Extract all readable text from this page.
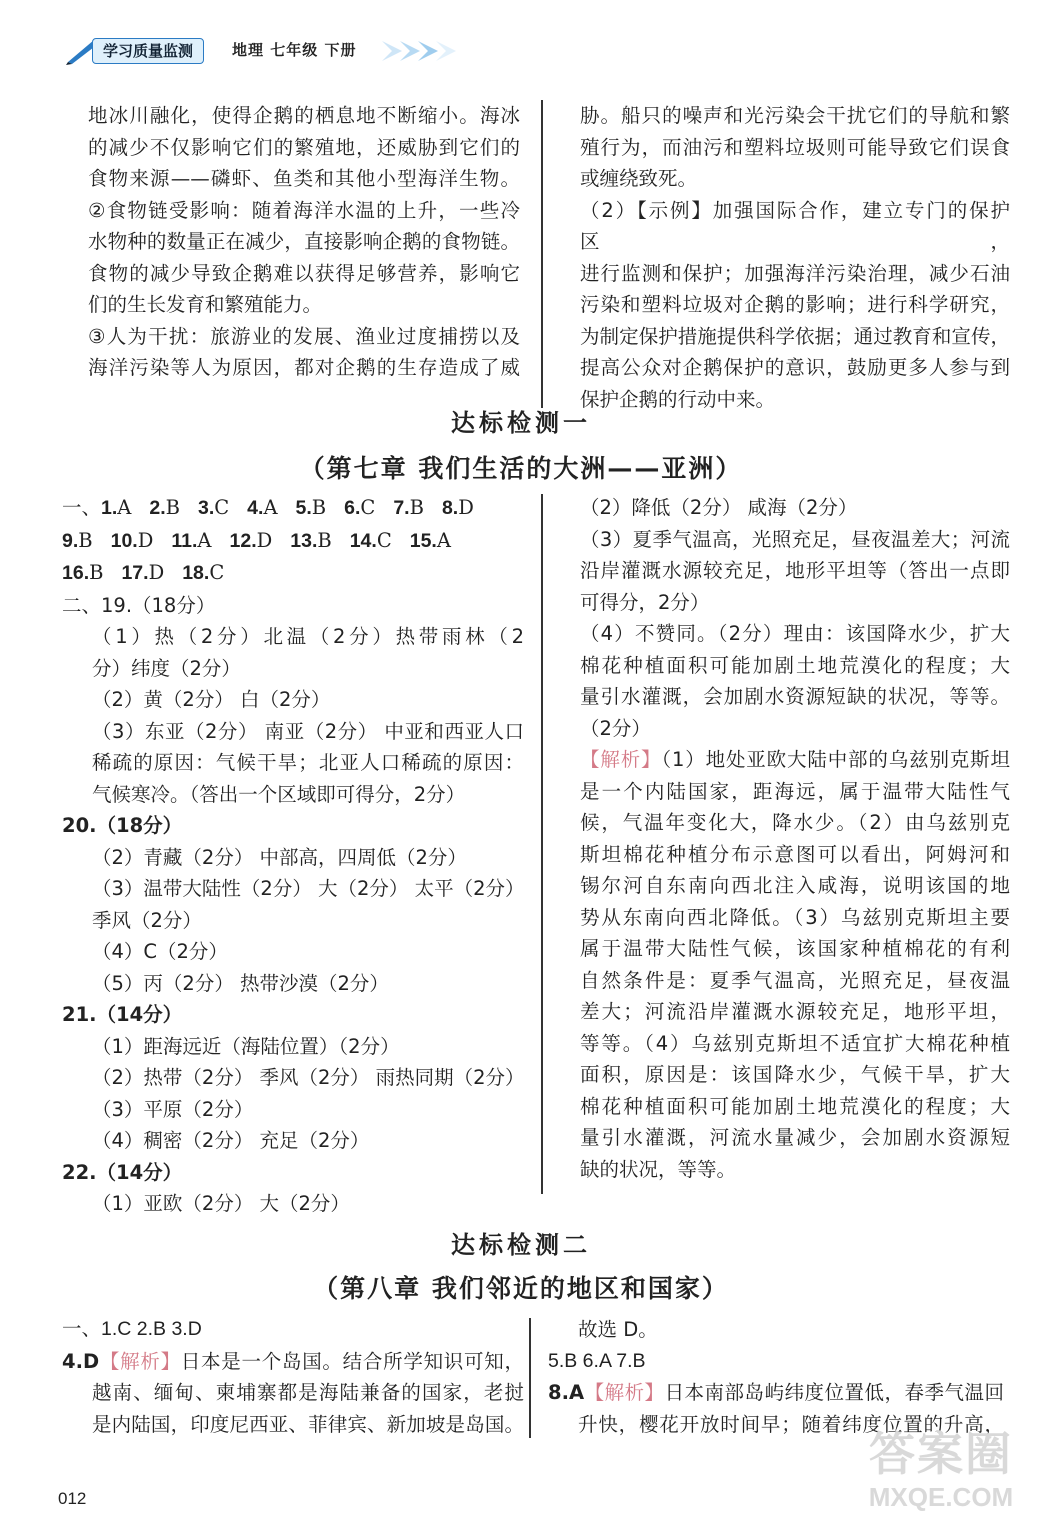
学习质量监测	地理 七年级 下册

地冰川融化，使得企鹅的栖息地不断缩小。海冰

的减少不仅影响它们的繁殖地，还威胁到它们的

食物来源——磷虾、鱼类和其他小型海洋生物。

②食物链受影响：随着海洋水温的上升，一些冷

水物种的数量正在减少，直接影响企鹅的食物链。

食物的减少导致企鹅难以获得足够营养，影响它

们的生长发育和繁殖能力。

③人为干扰：旅游业的发展、渔业过度捕捞以及

海洋污染等人为原因，都对企鹅的生存造成了威

胁。船只的噪声和光污染会干扰它们的导航和繁

殖行为，而油污和塑料垃圾则可能导致它们误食

或缠绕致死。

（2）【示例】加强国际合作，建立专门的保护区，

进行监测和保护；加强海洋污染治理，减少石油

污染和塑料垃圾对企鹅的影响；进行科学研究，

为制定保护措施提供科学依据；通过教育和宣传，

提高公众对企鹅保护的意识，鼓励更多人参与到

保护企鹅的行动中来。

达标检测一
（第七章 我们生活的大洲——亚洲）

一、1.A 2.B 3.C 4.A 5.B 6.C 7.B 8.D

9.B 10.D 11.A 12.D 13.B 14.C 15.A

16.B 17.D 18.C

二、19.（18分）

（1）热（2分）北温（2分）热带雨林（2

分）纬度（2分）

（2）黄（2分） 白（2分）

（3）东亚（2分） 南亚（2分） 中亚和西亚人口

稀疏的原因：气候干旱；北亚人口稀疏的原因：

气候寒冷。（答出一个区域即可得分，2分）

20.（18分）

（2）青藏（2分） 中部高，四周低（2分）

（3）温带大陆性（2分） 大（2分） 太平（2分）

季风（2分）

（4）C（2分）

（5）丙（2分） 热带沙漠（2分）

21.（14分）

（1）距海远近（海陆位置）（2分）

（2）热带（2分） 季风（2分） 雨热同期（2分）

（3）平原（2分）

（4）稠密（2分） 充足（2分）

22.（14分）

（1）亚欧（2分） 大（2分）

（2）降低（2分） 咸海（2分）

（3）夏季气温高，光照充足，昼夜温差大；河流

沿岸灌溉水源较充足，地形平坦等（答出一点即

可得分，2分）

（4）不赞同。（2分）理由：该国降水少，扩大

棉花种植面积可能加剧土地荒漠化的程度；大

量引水灌溉，会加剧水资源短缺的状况，等等。

（2分）

【解析】（1）地处亚欧大陆中部的乌兹别克斯坦

是一个内陆国家，距海远，属于温带大陆性气

候，气温年变化大，降水少。（2）由乌兹别克

斯坦棉花种植分布示意图可以看出，阿姆河和

锡尔河自东南向西北注入咸海，说明该国的地

势从东南向西北降低。（3）乌兹别克斯坦主要

属于温带大陆性气候，该国家种植棉花的有利

自然条件是：夏季气温高，光照充足，昼夜温

差大；河流沿岸灌溉水源较充足，地形平坦，

等等。（4）乌兹别克斯坦不适宜扩大棉花种植

面积，原因是：该国降水少，气候干旱，扩大

棉花种植面积可能加剧土地荒漠化的程度；大

量引水灌溉，河流水量减少，会加剧水资源短

缺的状况，等等。

达标检测二
（第八章 我们邻近的地区和国家）

一、1.C 2.B 3.D

4.D【解析】日本是一个岛国。结合所学知识可知，

越南、缅甸、柬埔寨都是海陆兼备的国家，老挝

是内陆国，印度尼西亚、菲律宾、新加坡是岛国。

故选 D。

5.B 6.A 7.B

8.A【解析】日本南部岛屿纬度位置低，春季气温回

升快，樱花开放时间早；随着纬度位置的升高，

012
答案圈
MXQE.COM
